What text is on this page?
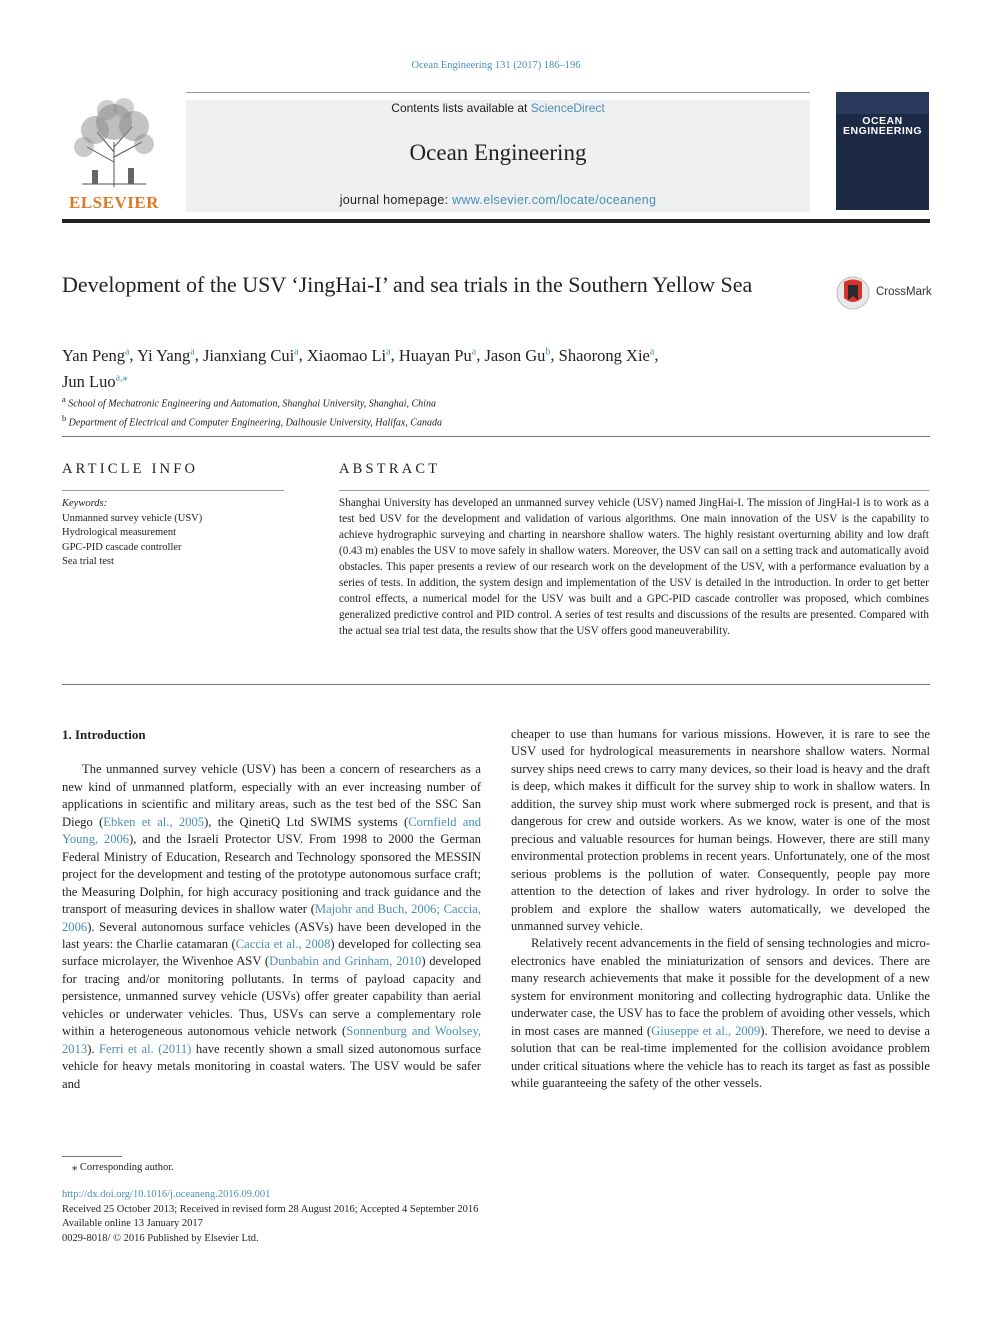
Ocean Engineering 131 (2017) 186–196
ELSEVIER
Contents lists available at ScienceDirect
Ocean Engineering
journal homepage: www.elsevier.com/locate/oceaneng
OCEAN ENGINEERING
Development of the USV ‘JingHai-I’ and sea trials in the Southern Yellow Sea	CrossMark
Yan Peng$^a$, Yi Yang$^a$, Jianxiang Cui$^a$, Xiaomao Li$^a$, Huayan Pu$^a$, Jason Gu$^b$, Shaorong Xie$^a$,
Jun Luo$^{a,⁎}$
$^a$ School of Mechatronic Engineering and Automation, Shanghai University, Shanghai, China
$^b$ Department of Electrical and Computer Engineering, Dalhousie University, Halifax, Canada
ARTICLE INFO
Keywords:
Unmanned survey vehicle (USV)
Hydrological measurement
GPC-PID cascade controller
Sea trial test
ABSTRACT
Shanghai University has developed an unmanned survey vehicle (USV) named JingHai-I. The mission of JingHai-I is to work as a test bed USV for the development and validation of various algorithms. One main innovation of the USV is the capability to achieve hydrographic surveying and charting in nearshore shallow waters. The highly resistant overturning ability and low draft (0.43 m) enables the USV to move safely in shallow waters. Moreover, the USV can sail on a setting track and automatically avoid obstacles. This paper presents a review of our research work on the development of the USV, with a performance evaluation by a series of tests. In addition, the system design and implementation of the USV is detailed in the introduction. In order to get better control effects, a numerical model for the USV was built and a GPC-PID cascade controller was proposed, which combines generalized predictive control and PID control. A series of test results and discussions of the results are presented. Compared with the actual sea trial test data, the results show that the USV offers good maneuverability.
1. Introduction

The unmanned survey vehicle (USV) has been a concern of researchers as a new kind of unmanned platform, especially with an ever increasing number of applications in scientific and military areas, such as the test bed of the SSC San Diego (Ebken et al., 2005), the QinetiQ Ltd SWIMS systems (Cornfield and Young, 2006), and the Israeli Protector USV. From 1998 to 2000 the German Federal Ministry of Education, Research and Technology sponsored the MESSIN project for the development and testing of the prototype autonomous surface craft; the Measuring Dolphin, for high accuracy positioning and track guidance and the transport of measuring devices in shallow water (Majohr and Buch, 2006; Caccia, 2006). Several autonomous surface vehicles (ASVs) have been developed in the last years: the Charlie catamaran (Caccia et al., 2008) developed for collecting sea surface microlayer, the Wivenhoe ASV (Dunbabin and Grinham, 2010) developed for tracing and/or monitoring pollutants. In terms of payload capacity and persistence, unmanned survey vehicle (USVs) offer greater capability than aerial vehicles or underwater vehicles. Thus, USVs can serve a complementary role within a heterogeneous autonomous vehicle network (Sonnenburg and Woolsey, 2013). Ferri et al. (2011) have recently shown a small sized autonomous surface vehicle for heavy metals monitoring in coastal waters. The USV would be safer and

cheaper to use than humans for various missions. However, it is rare to see the USV used for hydrological measurements in nearshore shallow waters. Normal survey ships need crews to carry many devices, so their load is heavy and the draft is deep, which makes it difficult for the survey ship to work in shallow waters. In addition, the survey ship must work where submerged rock is present, and that is dangerous for crew and outside workers. As we know, water is one of the most precious and valuable resources for human beings. However, there are still many environmental protection problems in recent years. Unfortunately, one of the most serious problems is the pollution of water. Consequently, people pay more attention to the detection of lakes and river hydrology. In order to solve the problem and explore the shallow waters automatically, we developed the unmanned survey vehicle.

Relatively recent advancements in the field of sensing technologies and micro-electronics have enabled the miniaturization of sensors and devices. There are many research achievements that make it possible for the development of a new system for environment monitoring and collecting hydrographic data. Unlike the underwater case, the USV has to face the problem of avoiding other vessels, which in most cases are manned (Giuseppe et al., 2009). Therefore, we need to devise a solution that can be real-time implemented for the collision avoidance problem under critical situations where the vehicle has to reach its target as fast as possible while guaranteeing the safety of the other vessels.

⁎ Corresponding author.
http://dx.doi.org/10.1016/j.oceaneng.2016.09.001
Received 25 October 2013; Received in revised form 28 August 2016; Accepted 4 September 2016
Available online 13 January 2017
0029-8018/ © 2016 Published by Elsevier Ltd.
